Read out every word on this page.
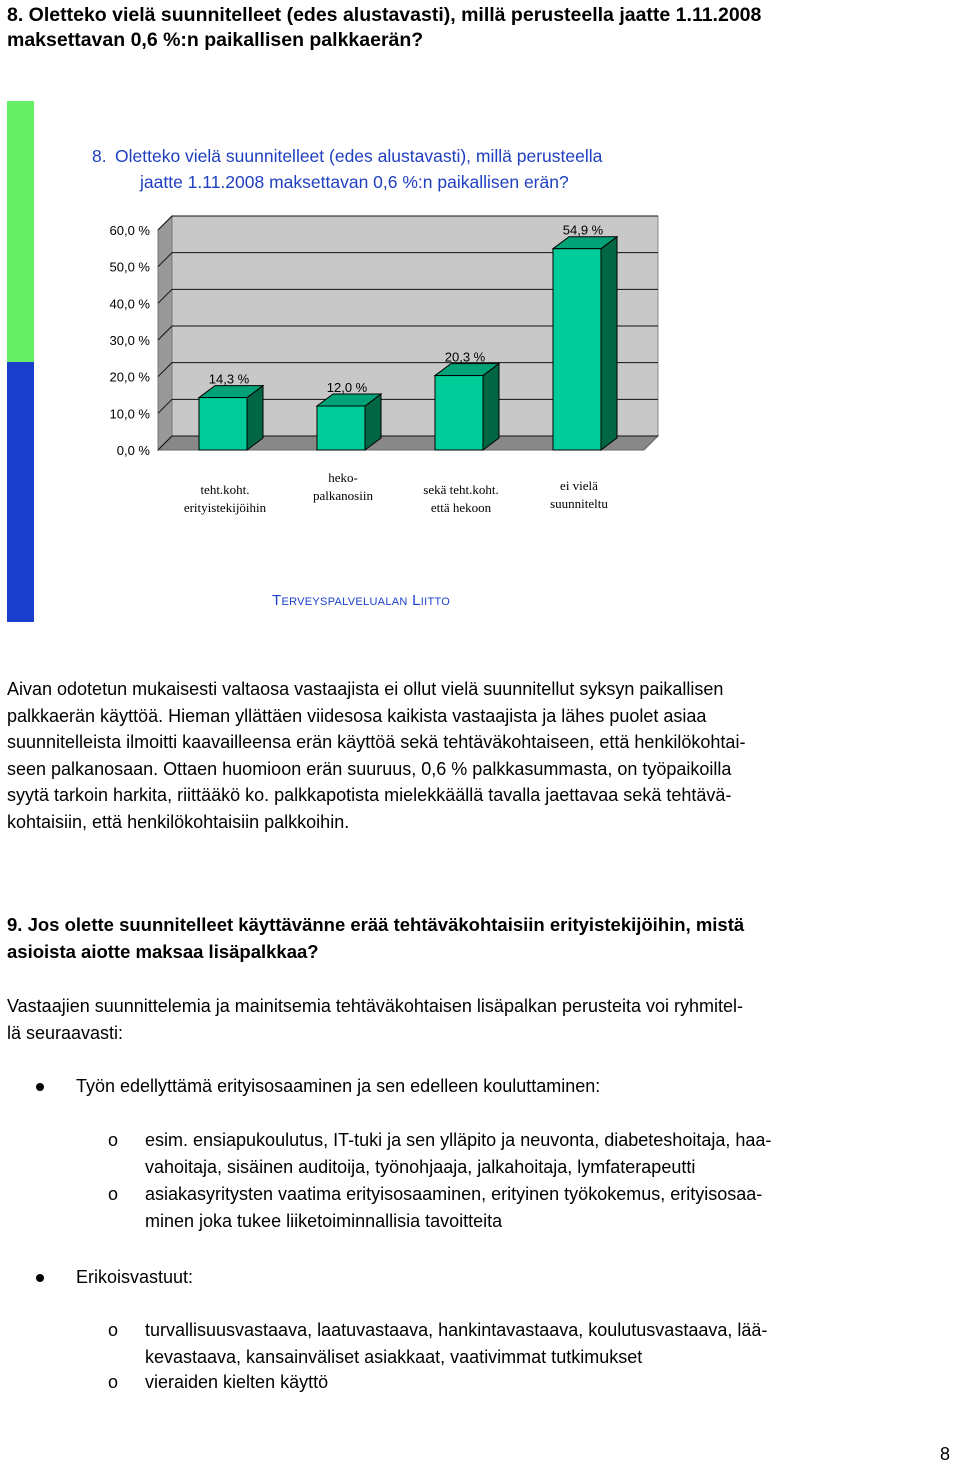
8. Oletteko vielä suunnitelleet (edes alustavasti), millä perusteella jaatte 1.11.2008
maksettavan 0,6 %:n paikallisen palkkaerän?

8. Oletteko vielä suunnitelleet (edes alustavasti), millä perusteella
jaatte 1.11.2008 maksettavan 0,6 %:n paikallisen erän?

0,0 %
10,0 %
20,0 %
30,0 %
40,0 %
50,0 %
60,0 %
14,3 %
teht.koht.
erityistekijöihin
12,0 %
heko-
palkanosiin
20,3 %
sekä teht.koht.
että hekoon
54,9 %
ei vielä
suunniteltu
Terveyspalvelualan Liitto
Aivan odotetun mukaisesti valtaosa vastaajista ei ollut vielä suunnitellut syksyn paikallisen
palkkaerän käyttöä. Hieman yllättäen viidesosa kaikista vastaajista ja lähes puolet asiaa
suunnitelleista ilmoitti kaavailleensa erän käyttöä sekä tehtäväkohtaiseen, että henkilökohtai-
seen palkanosaan. Ottaen huomioon erän suuruus, 0,6 % palkkasummasta, on työpaikoilla
syytä tarkoin harkita, riittääkö ko. palkkapotista mielekkäällä tavalla jaettavaa sekä tehtävä-
kohtaisiin, että henkilökohtaisiin palkkoihin.
9. Jos olette suunnitelleet käyttävänne erää tehtäväkohtaisiin erityistekijöihin, mistä
asioista aiotte maksaa lisäpalkkaa?
Vastaajien suunnittelemia ja mainitsemia tehtäväkohtaisen lisäpalkan perusteita voi ryhmitel-
lä seuraavasti:

Työn edellyttämä erityisosaaminen ja sen edelleen kouluttaminen:

o esim. ensiapukoulutus, IT-tuki ja sen ylläpito ja neuvonta, diabeteshoitaja, haa-
vahoitaja, sisäinen auditoija, työnohjaaja, jalkahoitaja, lymfaterapeutti
o asiakasyritysten vaatima erityisosaaminen, erityinen työkokemus, erityisosaa-
minen joka tukee liiketoiminnallisia tavoitteita

Erikoisvastuut:

o turvallisuusvastaava, laatuvastaava, hankintavastaava, koulutusvastaava, lää-
kevastaava, kansainväliset asiakkaat, vaativimmat tutkimukset
o vieraiden kielten käyttö
8
